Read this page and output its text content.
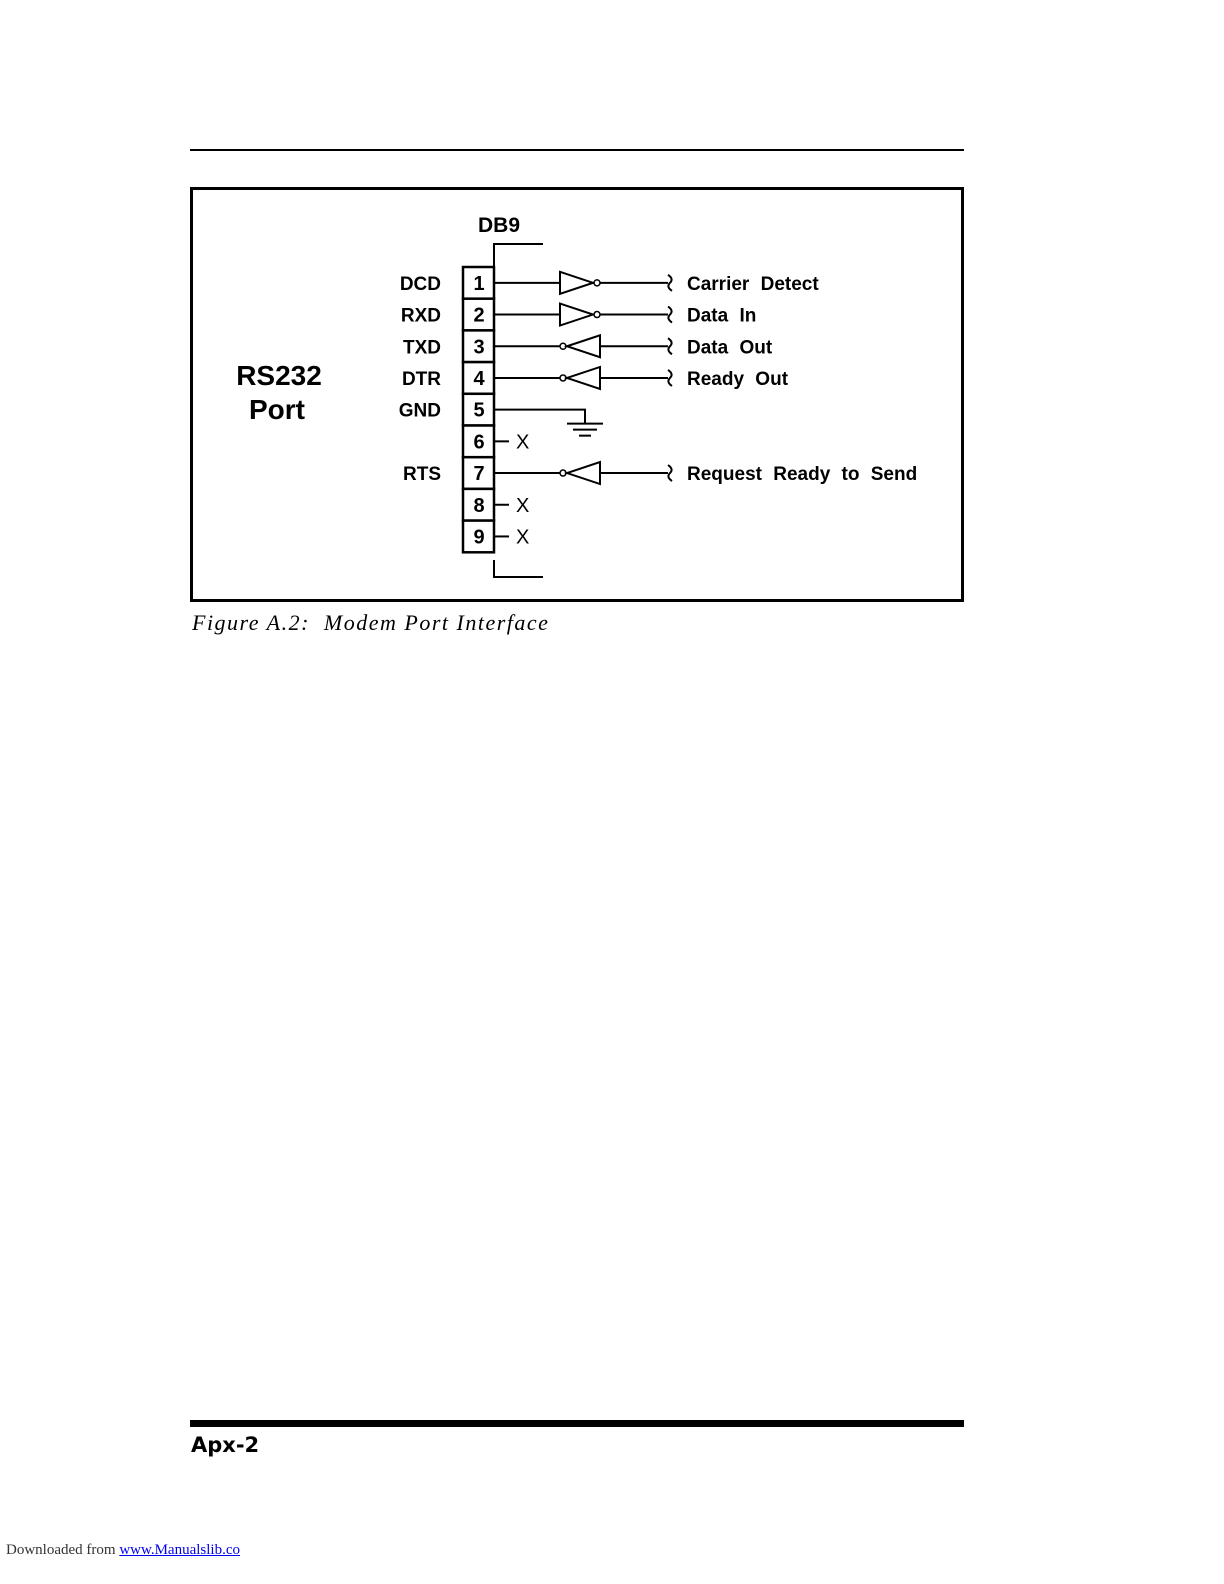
RS232
Port
DB9
1
DCD	Carrier Detect
2
RXD	Data In
3
TXD	Data Out
4
DTR	Ready Out
5
GND
6 X
7
RTS	Request Ready to Send
8 X
9 X
Figure A.2:  Modem Port Interface
Apx-2
Downloaded from www.Manualslib.co
